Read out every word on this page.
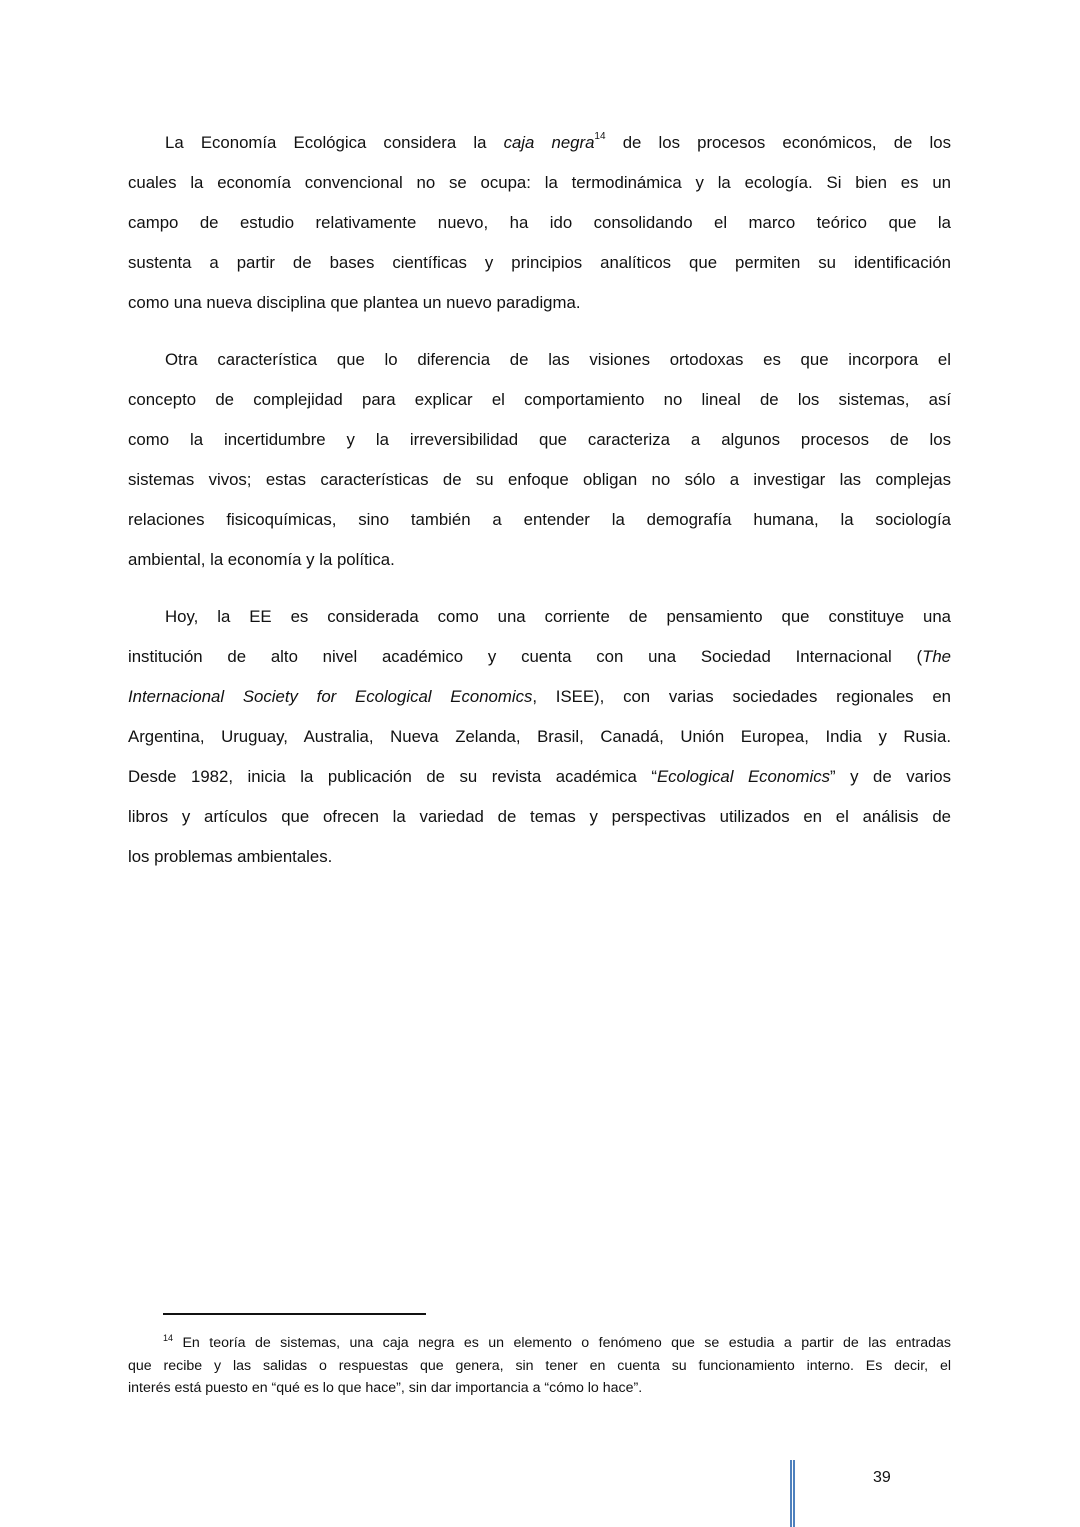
La Economía Ecológica considera la caja negra$^{14}$ de los procesos económicos, de los
cuales la economía convencional no se ocupa: la termodinámica y la ecología. Si bien es un
campo de estudio relativamente nuevo, ha ido consolidando el marco teórico que la
sustenta a partir de bases científicas y principios analíticos que permiten su identificación
como una nueva disciplina que plantea un nuevo paradigma.
Otra característica que lo diferencia de las visiones ortodoxas es que incorpora el
concepto de complejidad para explicar el comportamiento no lineal de los sistemas, así
como la incertidumbre y la irreversibilidad que caracteriza a algunos procesos de los
sistemas vivos; estas características de su enfoque obligan no sólo a investigar las complejas
relaciones fisicoquímicas, sino también a entender la demografía humana, la sociología
ambiental, la economía y la política.
Hoy, la EE es considerada como una corriente de pensamiento que constituye una
institución de alto nivel académico y cuenta con una Sociedad Internacional (The
Internacional Society for Ecological Economics, ISEE), con varias sociedades regionales en
Argentina, Uruguay, Australia, Nueva Zelanda, Brasil, Canadá, Unión Europea, India y Rusia.
Desde 1982, inicia la publicación de su revista académica “Ecological Economics” y de varios
libros y artículos que ofrecen la variedad de temas y perspectivas utilizados en el análisis de
los problemas ambientales.
$^{14}$ En teoría de sistemas, una caja negra es un elemento o fenómeno que se estudia a partir de las entradas
que recibe y las salidas o respuestas que genera, sin tener en cuenta su funcionamiento interno. Es decir, el
interés está puesto en “qué es lo que hace”, sin dar importancia a “cómo lo hace”.
39
